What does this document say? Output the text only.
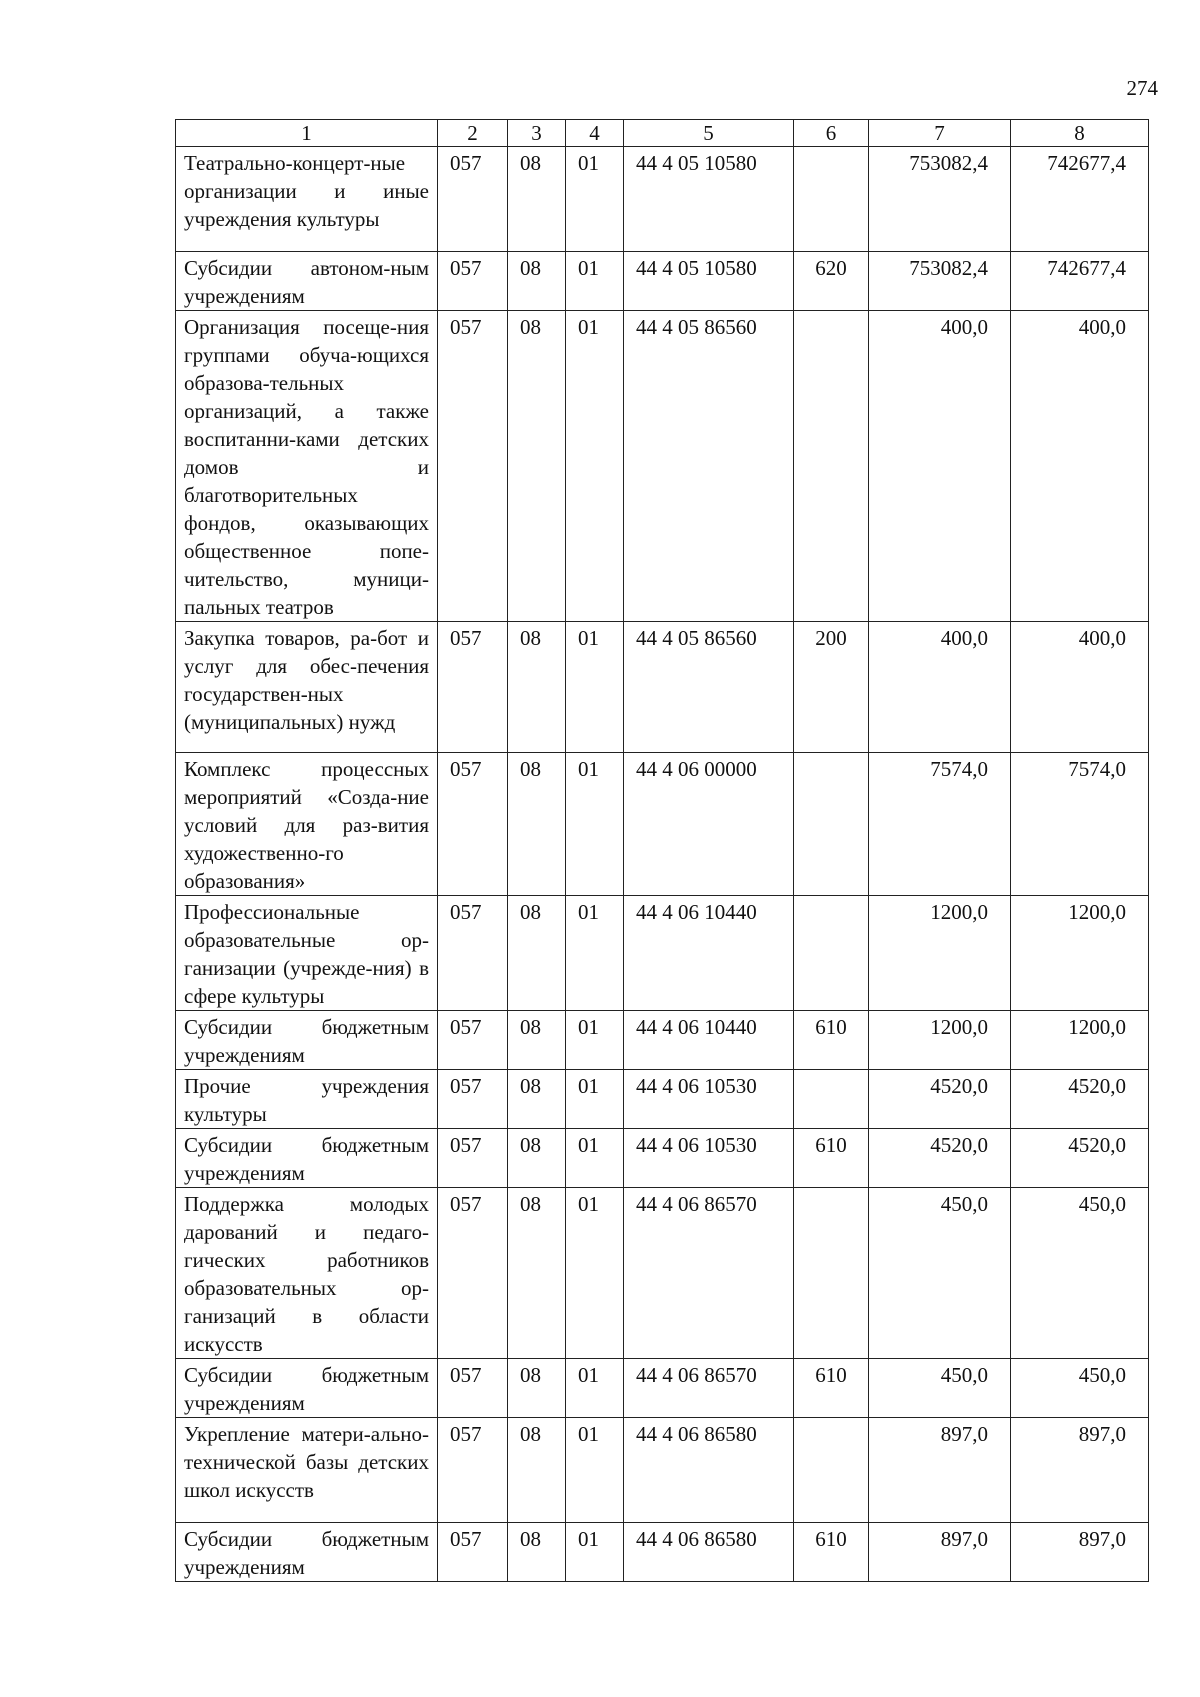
274
1	2	3	4	5	6	7	8
Театрально-концерт-ные организации и иные учреждения культуры	057	08	01	44 4 05 10580		753082,4	742677,4
Субсидии автоном-ным учреждениям	057	08	01	44 4 05 10580	620	753082,4	742677,4
Организация посеще-ния группами обуча-ющихся образова-тельных организаций, а также воспитанни-ками детских домов и благотворительных фондов, оказывающих общественное попе-чительство, муници-пальных театров	057	08	01	44 4 05 86560		400,0	400,0
Закупка товаров, ра-бот и услуг для обес-печения государствен-ных (муниципальных) нужд	057	08	01	44 4 05 86560	200	400,0	400,0
Комплекс процессных мероприятий «Созда-ние условий для раз-вития художественно-го образования»	057	08	01	44 4 06 00000		7574,0	7574,0
Профессиональные образовательные ор-ганизации (учрежде-ния) в сфере культуры	057	08	01	44 4 06 10440		1200,0	1200,0
Субсидии бюджетным учреждениям	057	08	01	44 4 06 10440	610	1200,0	1200,0
Прочие учреждения культуры	057	08	01	44 4 06 10530		4520,0	4520,0
Субсидии бюджетным учреждениям	057	08	01	44 4 06 10530	610	4520,0	4520,0
Поддержка молодых дарований и педаго-гических работников образовательных ор-ганизаций в области искусств	057	08	01	44 4 06 86570		450,0	450,0
Субсидии бюджетным учреждениям	057	08	01	44 4 06 86570	610	450,0	450,0
Укрепление матери-ально-технической базы детских школ искусств	057	08	01	44 4 06 86580		897,0	897,0
Субсидии бюджетным учреждениям	057	08	01	44 4 06 86580	610	897,0	897,0
